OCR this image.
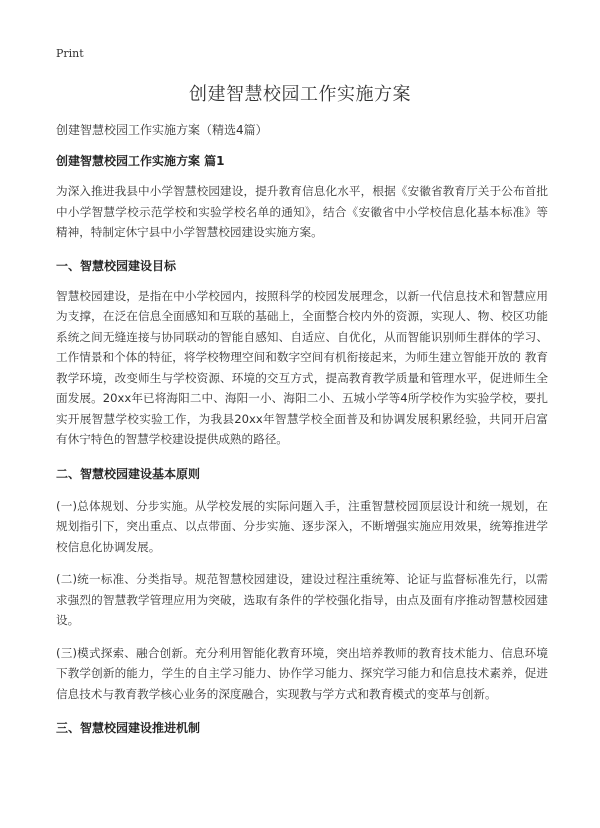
Print
创建智慧校园工作实施方案
创建智慧校园工作实施方案（精选4篇）

创建智慧校园工作实施方案 篇1

为深入推进我县中小学智慧校园建设，提升教育信息化水平，根据《安徽省教育厅关于公布首批中小学智慧学校示范学校和实验学校名单的通知》，结合《安徽省中小学校信息化基本标准》等精神，特制定休宁县中小学智慧校园建设实施方案。

一、智慧校园建设目标

智慧校园建设，是指在中小学校园内，按照科学的校园发展理念，以新一代信息技术和智慧应用为支撑，在泛在信息全面感知和互联的基础上，全面整合校内外的资源，实现人、物、校区功能系统之间无缝连接与协同联动的智能自感知、自适应、自优化，从而智能识别师生群体的学习、工作情景和个体的特征，将学校物理空间和数字空间有机衔接起来，为师生建立智能开放的 教育教学环境，改变师生与学校资源、环境的交互方式，提高教育教学质量和管理水平，促进师生全面发展。20xx年已将海阳二中、海阳一小、海阳二小、五城小学等4所学校作为实验学校，要扎实开展智慧学校实验工作，为我县20xx年智慧学校全面普及和协调发展积累经验，共同开启富有休宁特色的智慧学校建设提供成熟的路径。

二、智慧校园建设基本原则

(一)总体规划、分步实施。从学校发展的实际问题入手，注重智慧校园顶层设计和统一规划，在规划指引下，突出重点、以点带面、分步实施、逐步深入，不断增强实施应用效果，统筹推进学校信息化协调发展。

(二)统一标准、分类指导。规范智慧校园建设，建设过程注重统筹、论证与监督标准先行，以需求强烈的智慧教学管理应用为突破，选取有条件的学校强化指导，由点及面有序推动智慧校园建设。

(三)模式探索、融合创新。充分利用智能化教育环境，突出培养教师的教育技术能力、信息环境下教学创新的能力，学生的自主学习能力、协作学习能力、探究学习能力和信息技术素养，促进信息技术与教育教学核心业务的深度融合，实现教与学方式和教育模式的变革与创新。

三、智慧校园建设推进机制
